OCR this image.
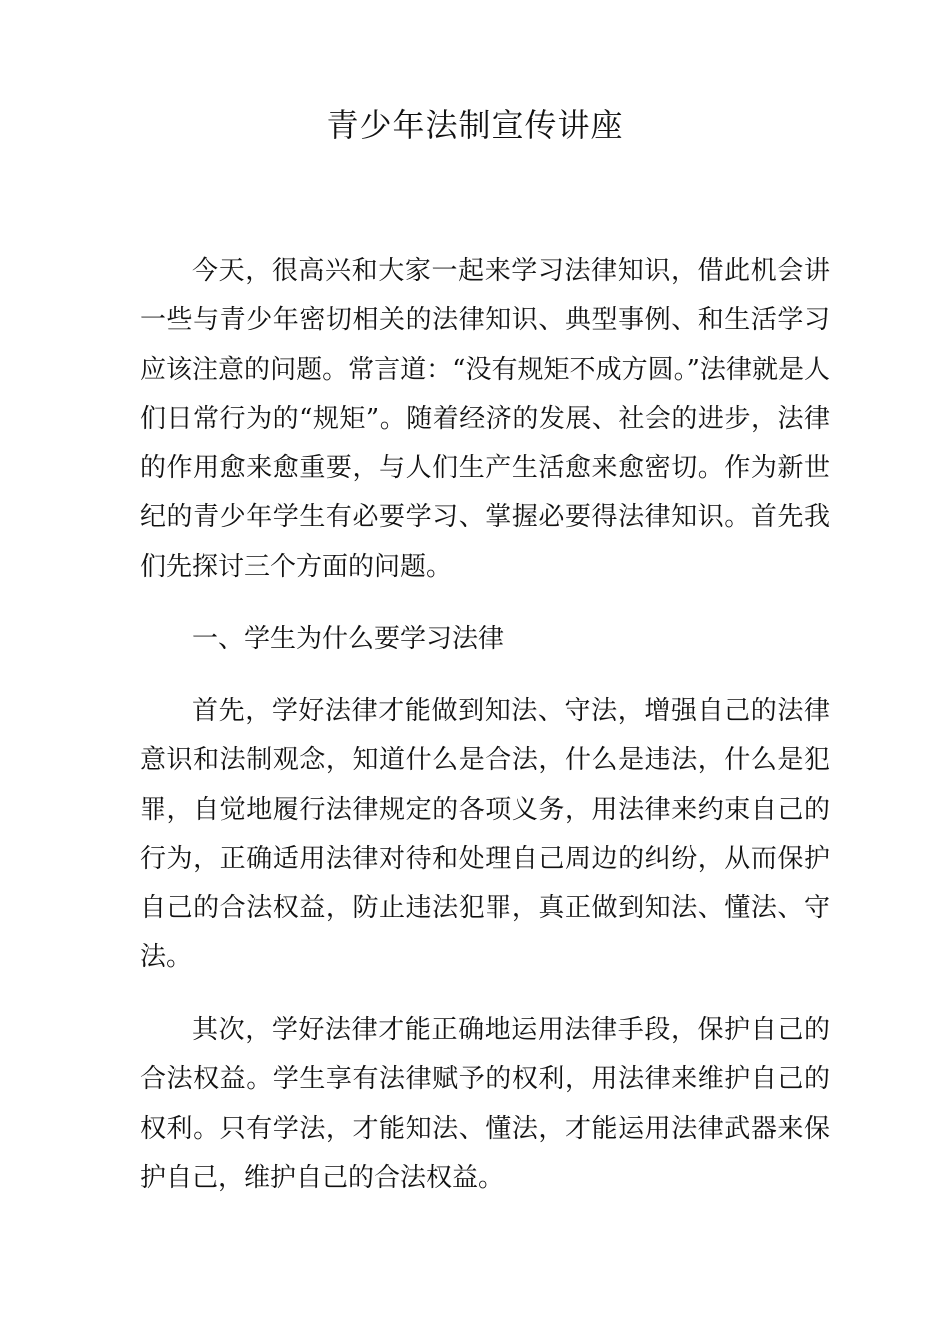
青少年法制宣传讲座

今天，很高兴和大家一起来学习法律知识，借此机会讲一些与青少年密切相关的法律知识、典型事例、和生活学习应该注意的问题。常言道：“没有规矩不成方圆。”法律就是人们日常行为的“规矩”。随着经济的发展、社会的进步，法律的作用愈来愈重要，与人们生产生活愈来愈密切。作为新世纪的青少年学生有必要学习、掌握必要得法律知识。首先我们先探讨三个方面的问题。

一、学生为什么要学习法律

首先，学好法律才能做到知法、守法，增强自己的法律意识和法制观念，知道什么是合法，什么是违法，什么是犯罪，自觉地履行法律规定的各项义务，用法律来约束自己的行为，正确适用法律对待和处理自己周边的纠纷，从而保护自己的合法权益，防止违法犯罪，真正做到知法、懂法、守法。

其次，学好法律才能正确地运用法律手段，保护自己的合法权益。学生享有法律赋予的权利，用法律来维护自己的权利。只有学法，才能知法、懂法，才能运用法律武器来保护自己，维护自己的合法权益。
